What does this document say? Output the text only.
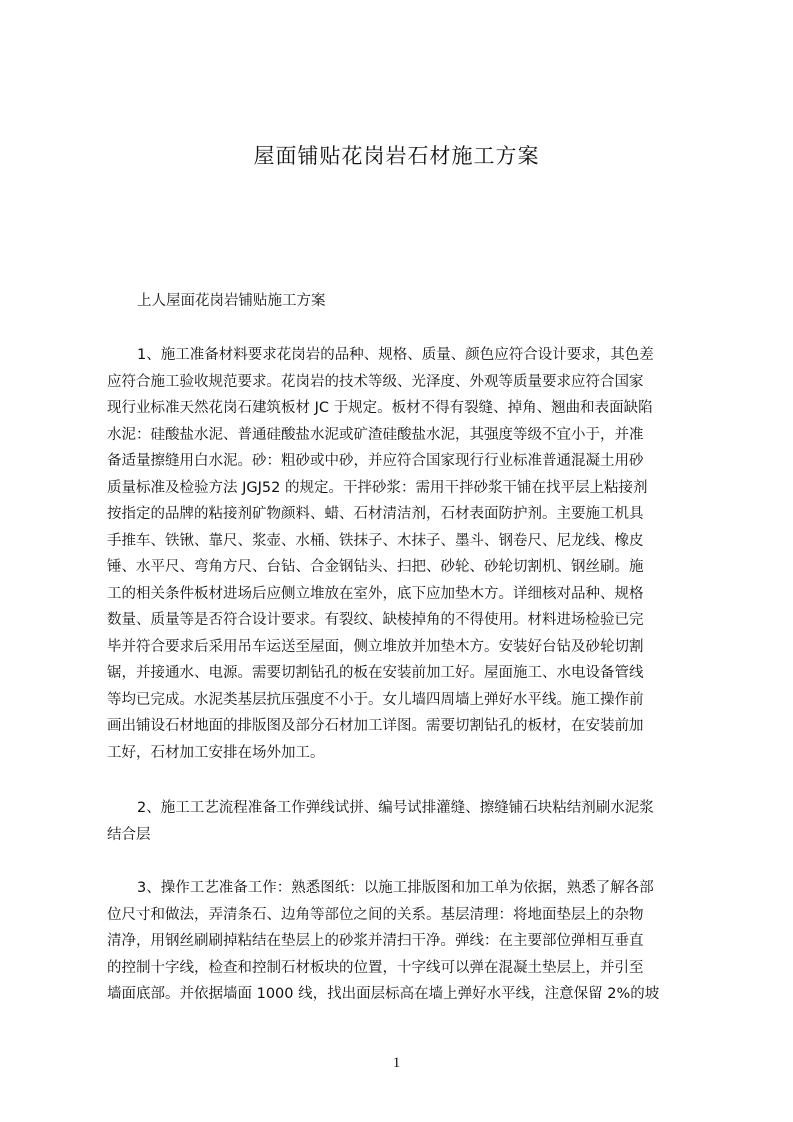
屋面铺贴花岗岩石材施工方案
上人屋面花岗岩铺贴施工方案
1、施工准备材料要求花岗岩的品种、规格、质量、颜色应符合设计要求，其色差
应符合施工验收规范要求。花岗岩的技术等级、光泽度、外观等质量要求应符合国家
现行业标准天然花岗石建筑板材 JC 于规定。板材不得有裂缝、掉角、翘曲和表面缺陷
水泥：硅酸盐水泥、普通硅酸盐水泥或矿渣硅酸盐水泥，其强度等级不宜小于，并准
备适量擦缝用白水泥。砂：粗砂或中砂，并应符合国家现行行业标准普通混凝土用砂
质量标准及检验方法 JGJ52 的规定。干拌砂浆：需用干拌砂浆干铺在找平层上粘接剂
按指定的品牌的粘接剂矿物颜料、蜡、石材清洁剂，石材表面防护剂。主要施工机具
手推车、铁锹、靠尺、浆壶、水桶、铁抹子、木抹子、墨斗、钢卷尺、尼龙线、橡皮
锤、水平尺、弯角方尺、台钻、合金钢钻头、扫把、砂轮、砂轮切割机、钢丝刷。施
工的相关条件板材进场后应侧立堆放在室外，底下应加垫木方。详细核对品种、规格
数量、质量等是否符合设计要求。有裂纹、缺棱掉角的不得使用。材料进场检验已完
毕并符合要求后采用吊车运送至屋面，侧立堆放并加垫木方。安装好台钻及砂轮切割
锯，并接通水、电源。需要切割钻孔的板在安装前加工好。屋面施工、水电设备管线
等均已完成。水泥类基层抗压强度不小于。女儿墙四周墙上弹好水平线。施工操作前
画出铺设石材地面的排版图及部分石材加工详图。需要切割钻孔的板材，在安装前加
工好，石材加工安排在场外加工。
2、施工工艺流程准备工作弹线试拼、编号试排灌缝、擦缝铺石块粘结剂刷水泥浆
结合层
3、操作工艺准备工作：熟悉图纸：以施工排版图和加工单为依据，熟悉了解各部
位尺寸和做法，弄清条石、边角等部位之间的关系。基层清理：将地面垫层上的杂物
清净，用钢丝刷刷掉粘结在垫层上的砂浆并清扫干净。弹线：在主要部位弹相互垂直
的控制十字线，检查和控制石材板块的位置，十字线可以弹在混凝土垫层上，并引至
墙面底部。并依据墙面 1000 线，找出面层标高在墙上弹好水平线，注意保留 2%的坡
1
